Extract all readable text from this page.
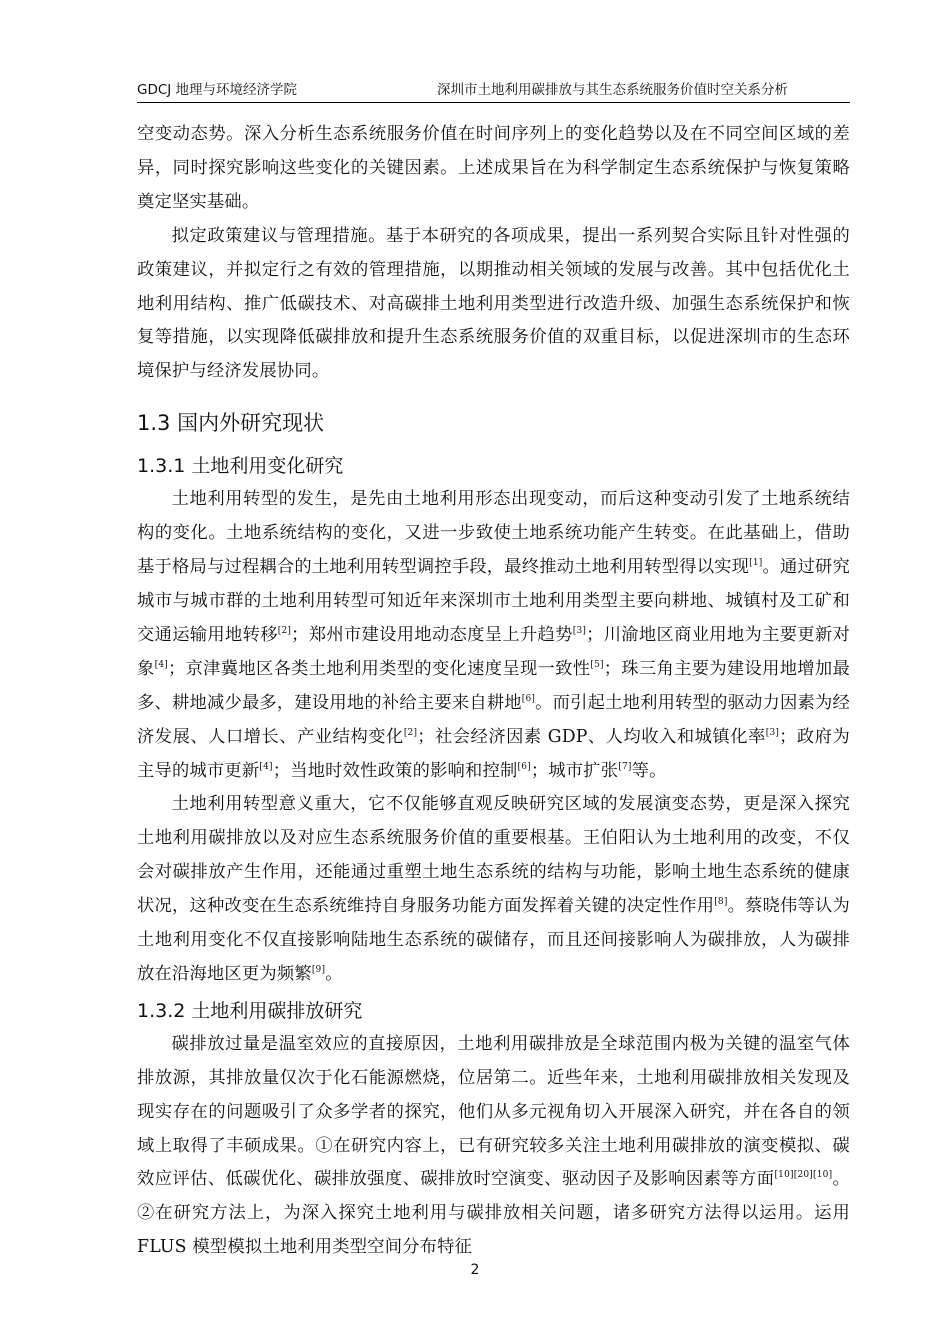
GDCJ 地理与环境经济学院	深圳市土地利用碳排放与其生态系统服务价值时空关系分析

空变动态势。深入分析生态系统服务价值在时间序列上的变化趋势以及在不同空间区域的差异，同时探究影响这些变化的关键因素。上述成果旨在为科学制定生态系统保护与恢复策略奠定坚实基础。

拟定政策建议与管理措施。基于本研究的各项成果，提出一系列契合实际且针对性强的政策建议，并拟定行之有效的管理措施，以期推动相关领域的发展与改善。其中包括优化土地利用结构、推广低碳技术、对高碳排土地利用类型进行改造升级、加强生态系统保护和恢复等措施，以实现降低碳排放和提升生态系统服务价值的双重目标，以促进深圳市的生态环境保护与经济发展协同。

1.3 国内外研究现状
1.3.1 土地利用变化研究

土地利用转型的发生，是先由土地利用形态出现变动，而后这种变动引发了土地系统结构的变化。土地系统结构的变化，又进一步致使土地系统功能产生转变。在此基础上，借助基于格局与过程耦合的土地利用转型调控手段，最终推动土地利用转型得以实现[1]。通过研究城市与城市群的土地利用转型可知近年来深圳市土地利用类型主要向耕地、城镇村及工矿和交通运输用地转移[2]；郑州市建设用地动态度呈上升趋势[3]；川渝地区商业用地为主要更新对象[4]；京津冀地区各类土地利用类型的变化速度呈现一致性[5]；珠三角主要为建设用地增加最多、耕地减少最多，建设用地的补给主要来自耕地[6]。而引起土地利用转型的驱动力因素为经济发展、人口增长、产业结构变化[2]；社会经济因素 GDP、人均收入和城镇化率[3]；政府为主导的城市更新[4]；当地时效性政策的影响和控制[6]；城市扩张[7]等。

土地利用转型意义重大，它不仅能够直观反映研究区域的发展演变态势，更是深入探究土地利用碳排放以及对应生态系统服务价值的重要根基。王伯阳认为土地利用的改变，不仅会对碳排放产生作用，还能通过重塑土地生态系统的结构与功能，影响土地生态系统的健康状况，这种改变在生态系统维持自身服务功能方面发挥着关键的决定性作用[8]。蔡晓伟等认为土地利用变化不仅直接影响陆地生态系统的碳储存，而且还间接影响人为碳排放，人为碳排放在沿海地区更为频繁[9]。

1.3.2 土地利用碳排放研究

碳排放过量是温室效应的直接原因，土地利用碳排放是全球范围内极为关键的温室气体排放源，其排放量仅次于化石能源燃烧，位居第二。近些年来，土地利用碳排放相关发现及现实存在的问题吸引了众多学者的探究，他们从多元视角切入开展深入研究，并在各自的领域上取得了丰硕成果。①在研究内容上，已有研究较多关注土地利用碳排放的演变模拟、碳效应评估、低碳优化、碳排放强度、碳排放时空演变、驱动因子及影响因素等方面[10][20][10]。②在研究方法上，为深入探究土地利用与碳排放相关问题，诸多研究方法得以运用。运用 FLUS 模型模拟土地利用类型空间分布特征

2
